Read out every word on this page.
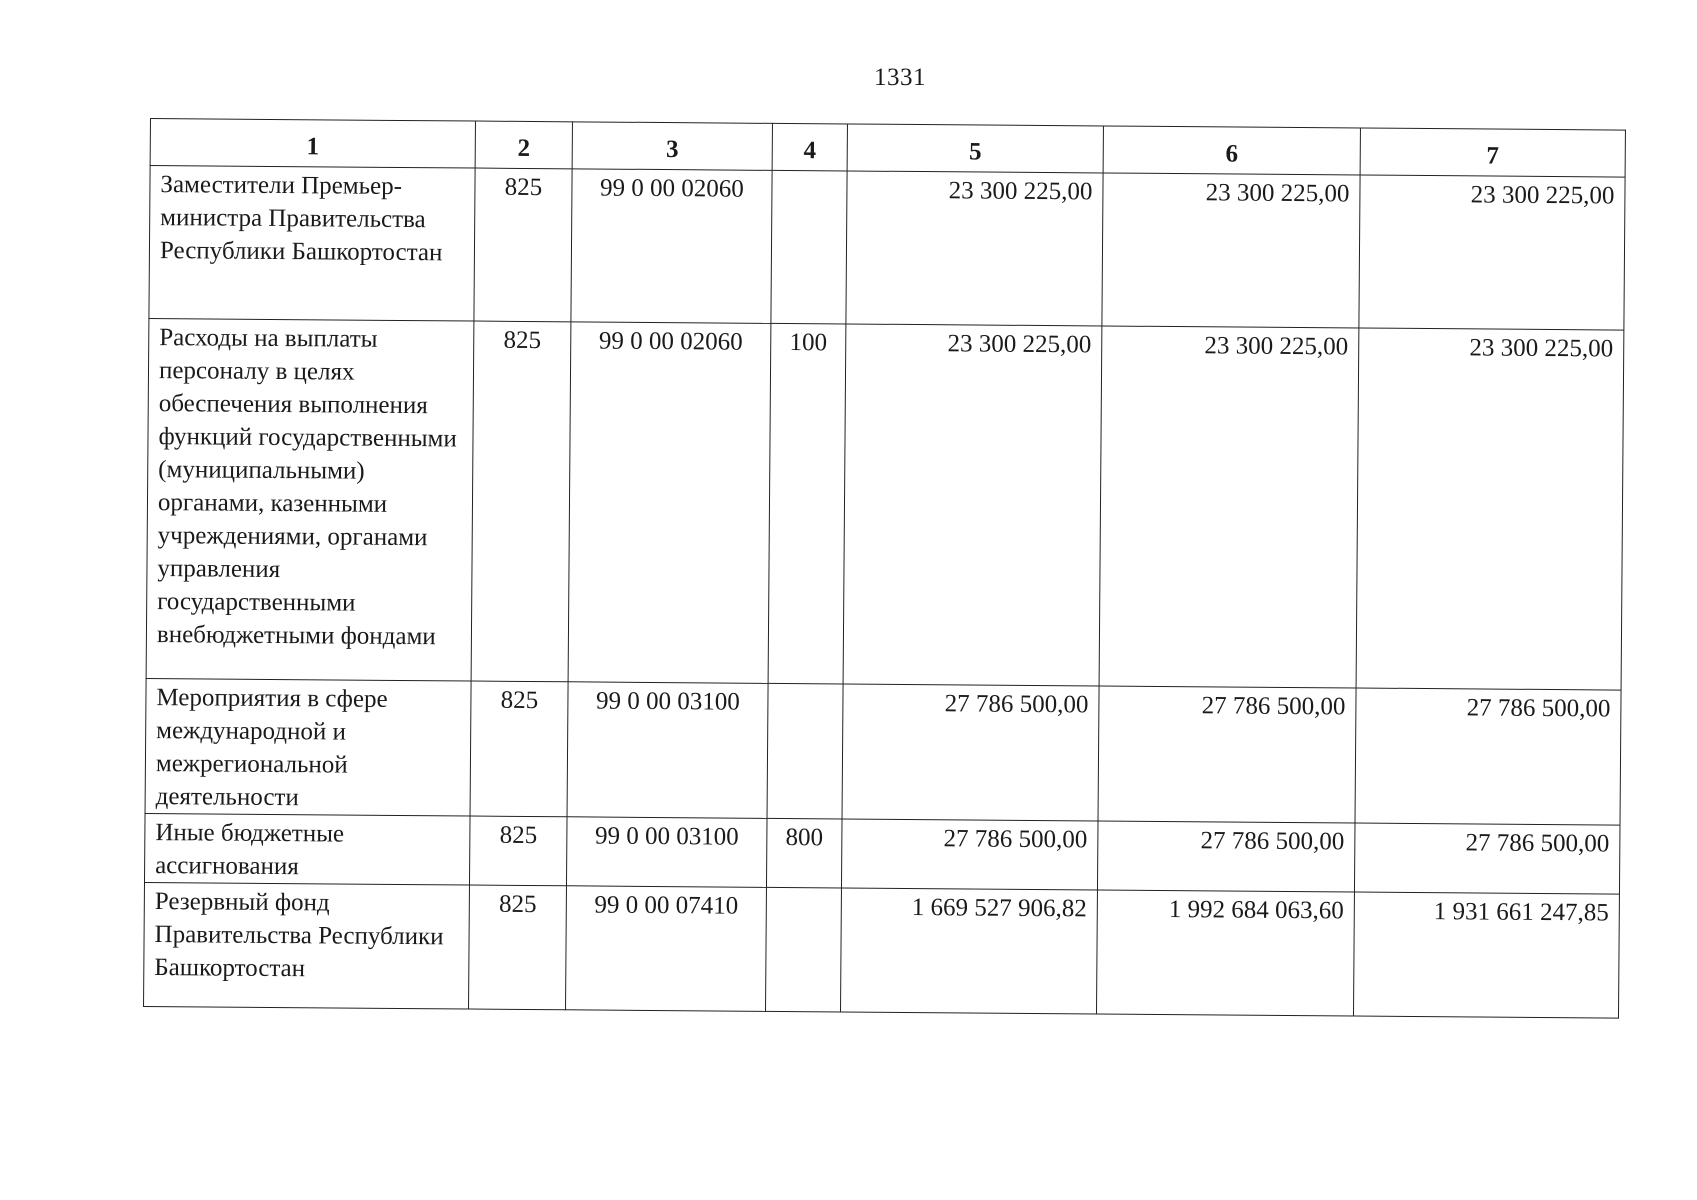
1331
1	2	3	4	5	6	7
Заместители Премьер-министра Правительства Республики Башкортостан	825	99 0 00 02060		23 300 225,00	23 300 225,00	23 300 225,00
Расходы на выплаты персоналу в целях обеспечения выполнения функций государственными (муниципальными) органами, казенными учреждениями, органами управления государственными внебюджетными фондами	825	99 0 00 02060	100	23 300 225,00	23 300 225,00	23 300 225,00
Мероприятия в сфере международной и межрегиональной деятельности	825	99 0 00 03100		27 786 500,00	27 786 500,00	27 786 500,00
Иные бюджетные ассигнования	825	99 0 00 03100	800	27 786 500,00	27 786 500,00	27 786 500,00
Резервный фонд Правительства Республики Башкортостан	825	99 0 00 07410		1 669 527 906,82	1 992 684 063,60	1 931 661 247,85
